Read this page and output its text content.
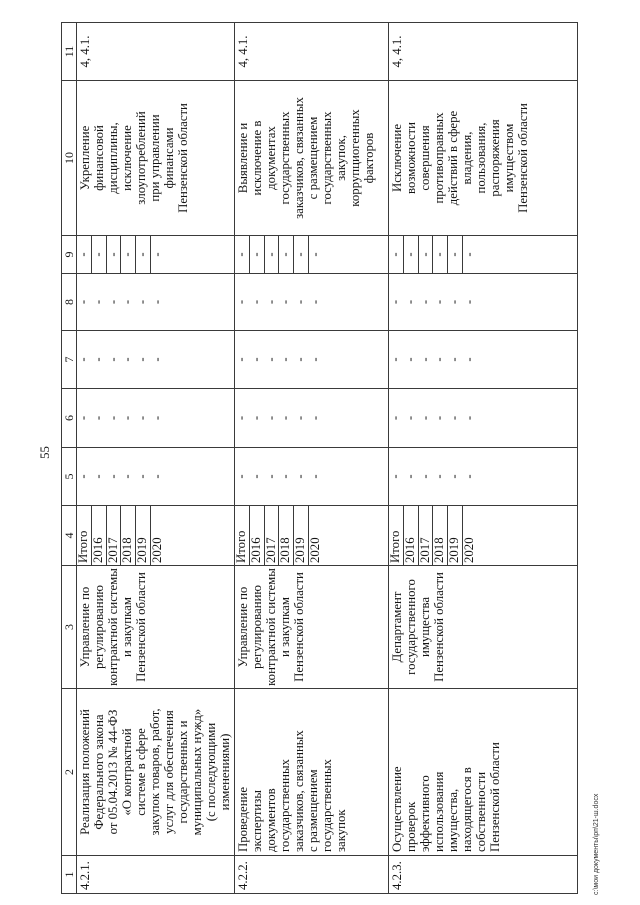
55
1
2
3
4
5
6
7
8
9
10
11
4.2.1.
Реализация положений
Федерального закона
от 05.04.2013 № 44-ФЗ
«О контрактной
системе в сфере
закупок товаров, работ,
услуг для обеспечения
государственных и
муниципальных нужд»
(с последующими
изменениями)
Управление по
регулированию
контрактной системы
и закупкам
Пензенской области
Итого 2016 2017 2018 2019 2020
- - - - - -
- - - - - -
- - - - - -
- - - - - -
- - - - - -
Укрепление
финансовой
дисциплины,
исключение
злоупотреблений
при управлении
финансами
Пензенской области
4, 4.1.
4.2.2.
Проведение
экспертизы
документов
государственных
заказчиков, связанных
с размещением
государственных
закупок
Управление по
регулированию
контрактной системы
и закупкам
Пензенской области
Итого 2016 2017 2018 2019 2020
- - - - - -
- - - - - -
- - - - - -
- - - - - -
- - - - - -
Выявление и
исключение в
документах
государственных
заказчиков, связанных
с размещением
государственных
закупок,
коррупциогенных
факторов
4, 4.1.
4.2.3.
Осуществление
проверок
эффективного
использования
имущества,
находящегося в
собственности
Пензенской области
Департамент
государственного
имущества
Пензенской области
Итого 2016 2017 2018 2019 2020
- - - - - -
- - - - - -
- - - - - -
- - - - - -
- - - - - -
Исключение
возможности
совершения
противоправных
действий в сфере
владения,
пользования,
распоряжения
имуществом
Пензенской области
4, 4.1.
c:\мои документы\рп\21-ш.docx
